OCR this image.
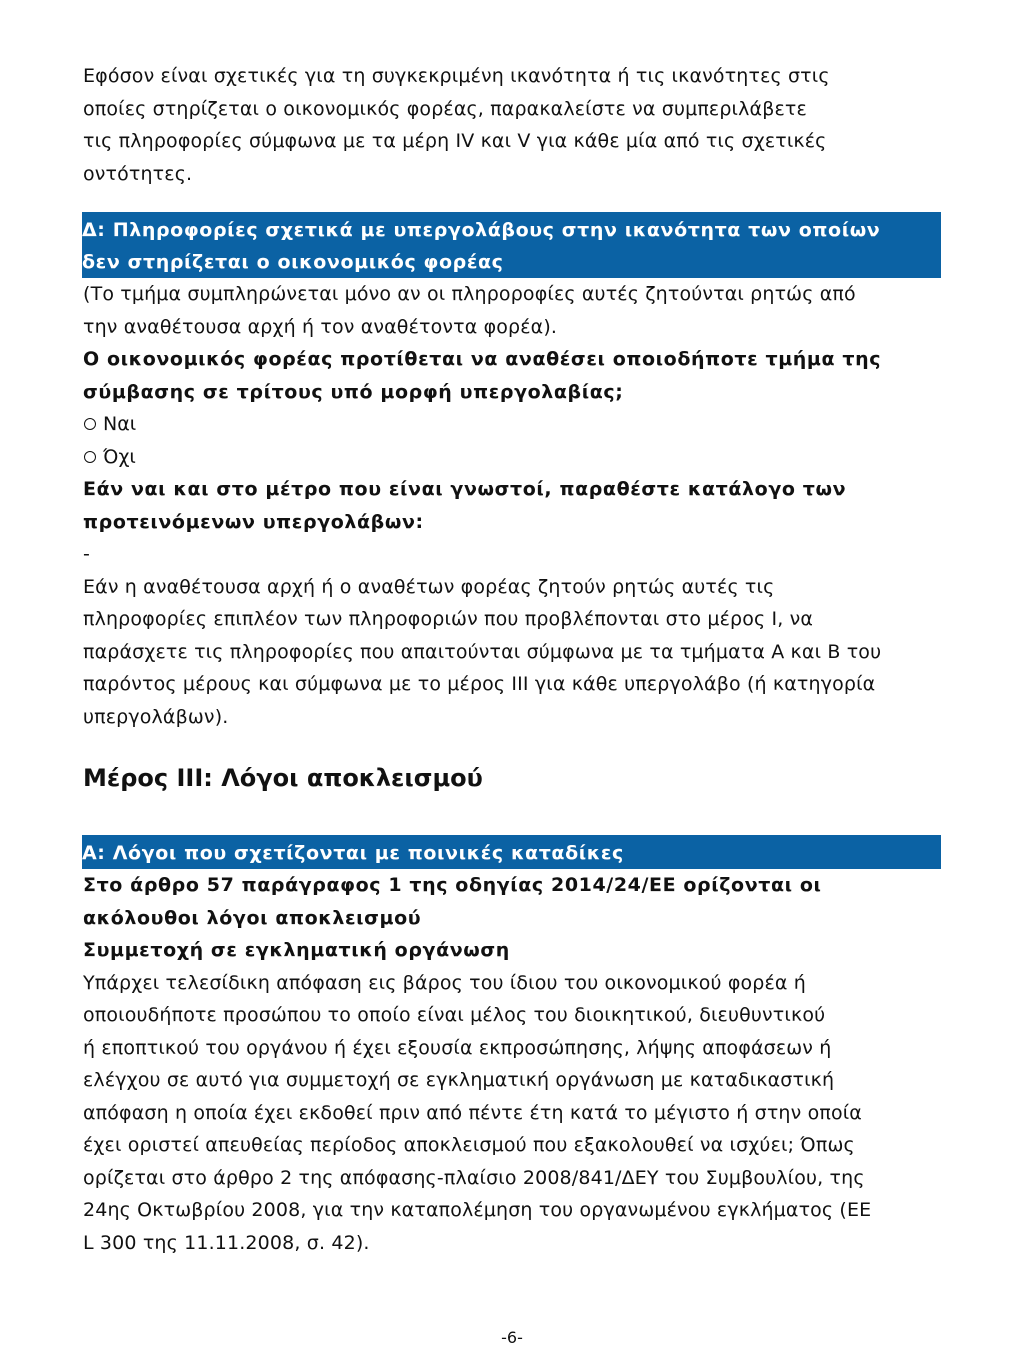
Εφόσον είναι σχετικές για τη συγκεκριμένη ικανότητα ή τις ικανότητες στις

οποίες στηρίζεται ο οικονομικός φορέας, παρακαλείστε να συμπεριλάβετε

τις πληροφορίες σύμφωνα με τα μέρη IV και V για κάθε μία από τις σχετικές

οντότητες.

Δ: Πληροφορίες σχετικά με υπεργολάβους στην ικανότητα των οποίων
δεν στηρίζεται ο οικονομικός φορέας

(Το τμήμα συμπληρώνεται μόνο αν οι πληρορoφίες αυτές ζητούνται ρητώς από

την αναθέτουσα αρχή ή τον αναθέτοντα φορέα).

Ο οικονομικός φορέας προτίθεται να αναθέσει οποιοδήποτε τμήμα της

σύμβασης σε τρίτους υπό μορφή υπεργολαβίας;

Ναι
Όχι

Εάν ναι και στο μέτρο που είναι γνωστοί, παραθέστε κατάλογο των

προτεινόμενων υπεργολάβων:

-

Εάν η αναθέτουσα αρχή ή ο αναθέτων φορέας ζητούν ρητώς αυτές τις

πληροφορίες επιπλέον των πληροφοριών που προβλέπονται στο μέρος I, να

παράσχετε τις πληροφορίες που απαιτούνται σύμφωνα με τα τμήματα Α και Β του

παρόντος μέρους και σύμφωνα με το μέρος III για κάθε υπεργολάβο (ή κατηγορία

υπεργολάβων).

Μέρος III: Λόγοι αποκλεισμού
Α: Λόγοι που σχετίζονται με ποινικές καταδίκες

Στο άρθρο 57 παράγραφος 1 της οδηγίας 2014/24/ΕΕ ορίζονται οι

ακόλουθοι λόγοι αποκλεισμού

Συμμετοχή σε εγκληματική οργάνωση

Υπάρχει τελεσίδικη απόφαση εις βάρος του ίδιου του οικονομικού φορέα ή

οποιουδήποτε προσώπου το οποίο είναι μέλος του διοικητικού, διευθυντικού

ή εποπτικού του οργάνου ή έχει εξουσία εκπροσώπησης, λήψης αποφάσεων ή

ελέγχου σε αυτό για συμμετοχή σε εγκληματική οργάνωση με καταδικαστική

απόφαση η οποία έχει εκδοθεί πριν από πέντε έτη κατά το μέγιστο ή στην οποία

έχει οριστεί απευθείας περίοδος αποκλεισμού που εξακολουθεί να ισχύει; Όπως

ορίζεται στο άρθρο 2 της απόφασης-πλαίσιο 2008/841/ΔΕΥ του Συμβουλίου, της

24ης Οκτωβρίου 2008, για την καταπολέμηση του οργανωμένου εγκλήματος (ΕΕ

L 300 της 11.11.2008, σ. 42).

-6-
